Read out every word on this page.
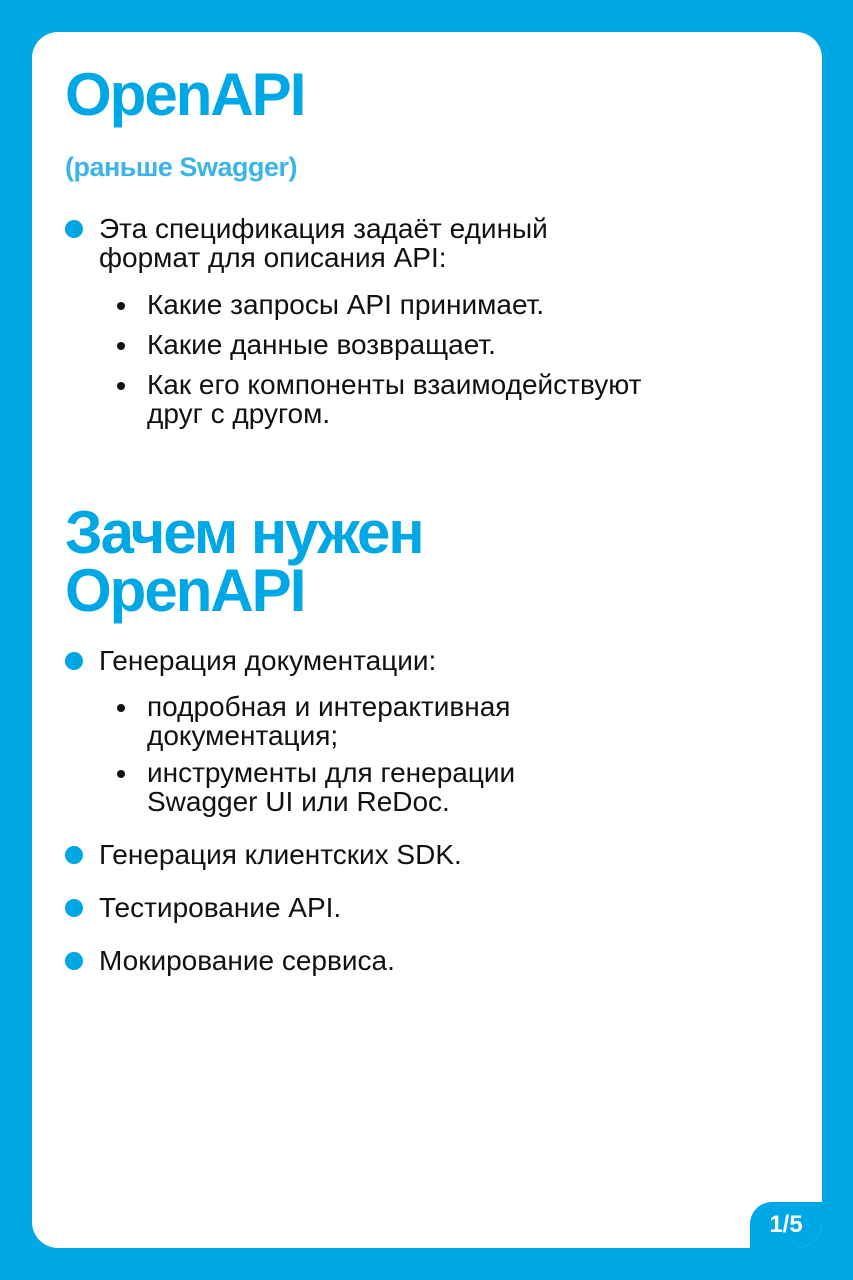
OpenAPI
(раньше Swagger)
Эта спецификация задаёт единый
формат для описания API:
Какие запросы API принимает.
Какие данные возвращает.
Как его компоненты взаимодействуют
друг с другом.
Зачем нужен
OpenAPI
Генерация документации:
подробная и интерактивная
документация;
инструменты для генерации
Swagger UI или ReDoc.
Генерация клиентских SDK.
Тестирование API.
Мокирование сервиса.
1/5
